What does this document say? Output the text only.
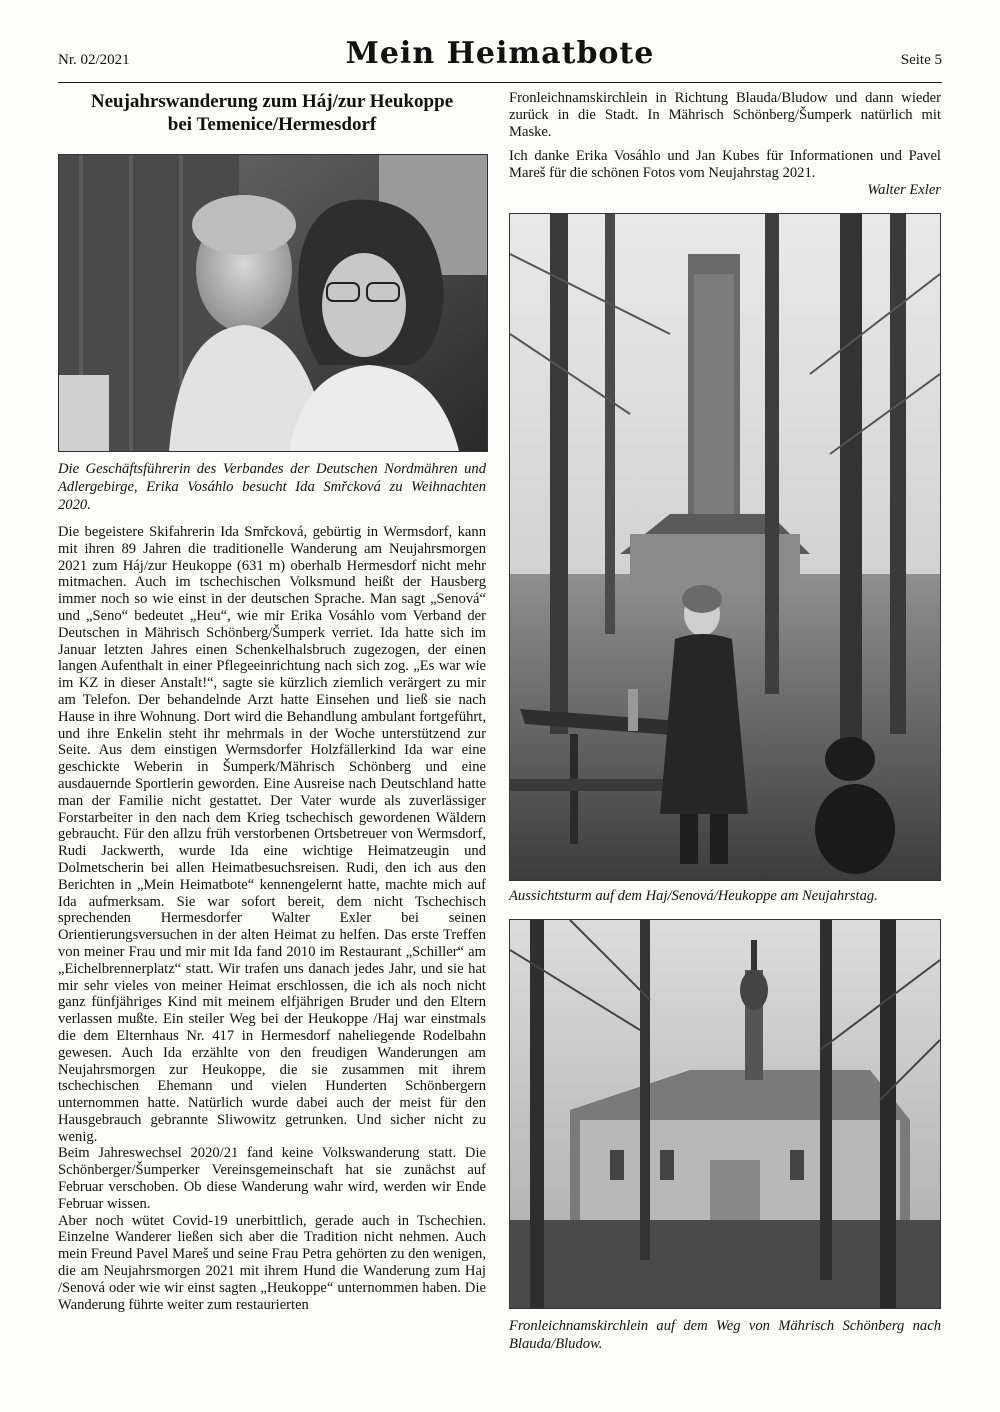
Nr. 02/2021	Mein Heimatbote	Seite 5
Neujahrswanderung zum Háj/zur Heukoppe
bei Temenice/Hermesdorf

Die Geschäftsführerin des Verbandes der Deutschen Nordmähren und Adlergebirge, Erika Vosáhlo besucht Ida Smřcková zu Weihnachten 2020.

Die begeistere Skifahrerin Ida Smřcková, gebürtig in Wermsdorf, kann mit ihren 89 Jahren die traditionelle Wanderung am Neujahrsmorgen 2021 zum Háj/zur Heukoppe (631 m) oberhalb Hermesdorf nicht mehr mitmachen. Auch im tschechischen Volksmund heißt der Hausberg immer noch so wie einst in der deutschen Sprache. Man sagt „Senová“ und „Seno“ bedeutet „Heu“, wie mir Erika Vosáhlo vom Verband der Deutschen in Mährisch Schönberg/Šumperk verriet. Ida hatte sich im Januar letzten Jahres einen Schenkelhalsbruch zugezogen, der einen langen Aufenthalt in einer Pflegeeinrichtung nach sich zog. „Es war wie im KZ in dieser Anstalt!“, sagte sie kürzlich ziemlich verärgert zu mir am Telefon. Der behandelnde Arzt hatte Einsehen und ließ sie nach Hause in ihre Wohnung. Dort wird die Behandlung ambulant fortgeführt, und ihre Enkelin steht ihr mehrmals in der Woche unterstützend zur Seite. Aus dem einstigen Wermsdorfer Holzfällerkind Ida war eine geschickte Weberin in Šumperk/Mährisch Schönberg und eine ausdauernde Sportlerin geworden. Eine Ausreise nach Deutschland hatte man der Familie nicht gestattet. Der Vater wurde als zuverlässiger Forstarbeiter in den nach dem Krieg tschechisch gewordenen Wäldern gebraucht. Für den allzu früh verstorbenen Ortsbetreuer von Wermsdorf, Rudi Jackwerth, wurde Ida eine wichtige Heimatzeugin und Dolmetscherin bei allen Heimatbesuchsreisen. Rudi, den ich aus den Berichten in „Mein Heimatbote“ kennengelernt hatte, machte mich auf Ida aufmerksam. Sie war sofort bereit, dem nicht Tschechisch sprechenden Hermesdorfer Walter Exler bei seinen Orientierungsversuchen in der alten Heimat zu helfen. Das erste Treffen von meiner Frau und mir mit Ida fand 2010 im Restaurant „Schiller“ am „Eichelbrennerplatz“ statt. Wir trafen uns danach jedes Jahr, und sie hat mir sehr vieles von meiner Heimat erschlossen, die ich als noch nicht ganz fünfjähriges Kind mit meinem elfjährigen Bruder und den Eltern verlassen mußte. Ein steiler Weg bei der Heukoppe /Haj war einstmals die dem Elternhaus Nr. 417 in Hermesdorf naheliegende Rodelbahn gewesen. Auch Ida erzählte von den freudigen Wanderungen am Neujahrsmorgen zur Heukoppe, die sie zusammen mit ihrem tschechischen Ehemann und vielen Hunderten Schönbergern unternommen hatte. Natürlich wurde dabei auch der meist für den Hausgebrauch gebrannte Sliwowitz getrunken. Und sicher nicht zu wenig.

Beim Jahreswechsel 2020/21 fand keine Volkswanderung statt. Die Schönberger/Šumperker Vereinsgemeinschaft hat sie zunächst auf Februar verschoben. Ob diese Wanderung wahr wird, werden wir Ende Februar wissen.

Aber noch wütet Covid-19 unerbittlich, gerade auch in Tschechien. Einzelne Wanderer ließen sich aber die Tradition nicht nehmen. Auch mein Freund Pavel Mareš und seine Frau Petra gehörten zu den wenigen, die am Neujahrsmorgen 2021 mit ihrem Hund die Wanderung zum Haj /Senová oder wie wir einst sagten „Heukoppe“ unternommen haben. Die Wanderung führte weiter zum restaurierten

Fronleichnamskirchlein in Richtung Blauda/Bludow und dann wieder zurück in die Stadt. In Mährisch Schönberg/Šumperk natürlich mit Maske.

Ich danke Erika Vosáhlo und Jan Kubes für Informationen und Pavel Mareš für die schönen Fotos vom Neujahrstag 2021.

Walter Exler

Aussichtsturm auf dem Haj/Senová/Heukoppe am Neujahrstag.

Fronleichnamskirchlein auf dem Weg von Mährisch Schönberg nach Blauda/Bludow.
